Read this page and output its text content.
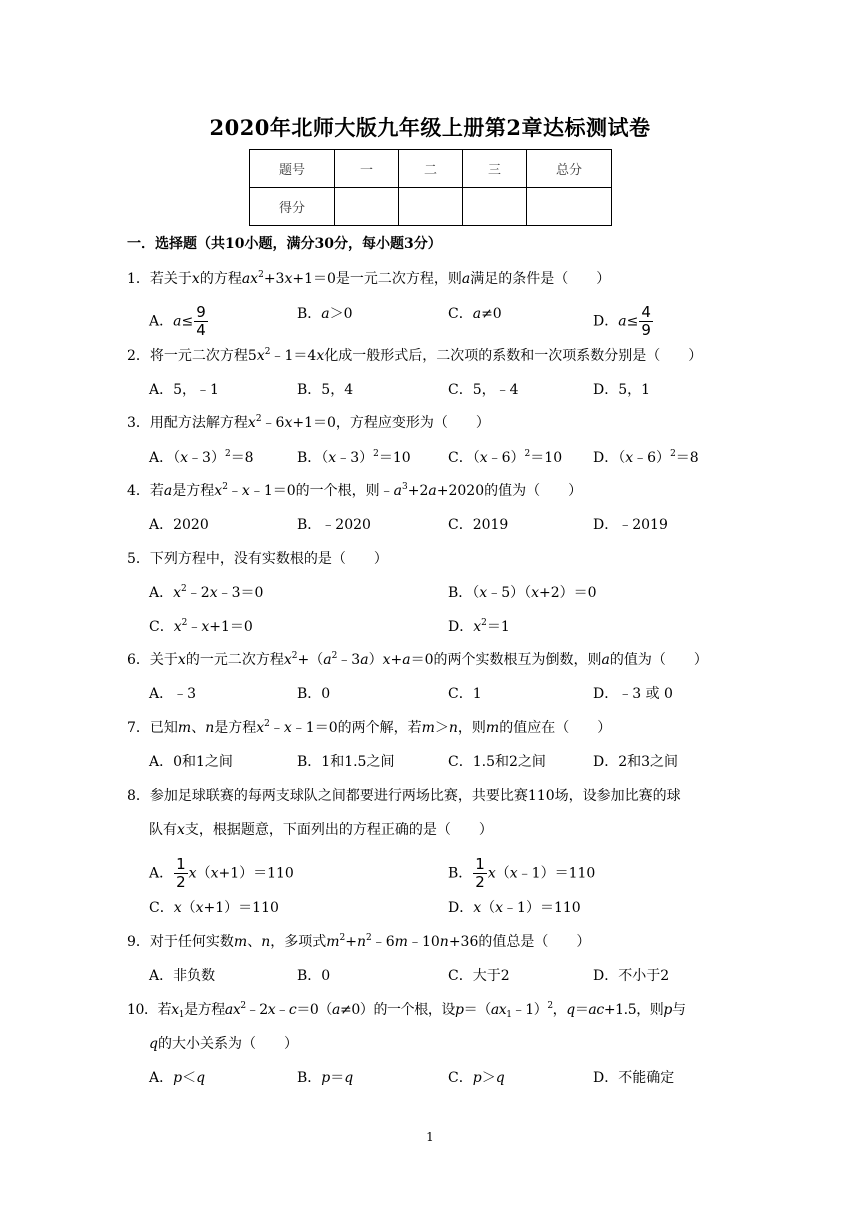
2020年北师大版九年级上册第2章达标测试卷
题号	一	二	三	总分
得分				
一．选择题（共10小题，满分30分，每小题3分）
1．若关于x的方程$ax^2+3x+1=0$是一元二次方程，则a满足的条件是（　　）
A．$a\le \frac{9}{4}$	B．a＞0	C．a≠0	D．$a\le \frac{4}{9}$
2．将一元二次方程$5x^2﹣1=4x$化成一般形式后，二次项的系数和一次项系数分别是（　　）
A．5，﹣1	B．5，4	C．5，﹣4	D．5，1
3．用配方法解方程$x^2﹣6x+1=0$，方程应变形为（　　）
A．（x﹣3）$^2$＝8	B．（x﹣3）$^2$＝10	C．（x﹣6）$^2$＝10 D．（x﹣6）$^2$＝8
4．若a是方程$x^2﹣x﹣1=0$的一个根，则$﹣a^3+2a+2020$的值为（　　）
A．2020	B．﹣2020	C．2019	D．﹣2019
5．下列方程中，没有实数根的是（　　）
A．$x^2﹣2x﹣3=0$	B．（x﹣5）（x+2）＝0
C．$x^2﹣x+1=0$	D．$x^2=1$
6．关于x的一元二次方程$x^2+(a^2﹣3a)x+a=0$的两个实数根互为倒数，则a的值为（　　）
A．﹣3	B．0	C．1	D．﹣3 或 0
7．已知m、n是方程$x^2﹣x﹣1=0$的两个解，若m＞n，则m的值应在（　　）
A．0和1之间	B．1和1.5之间	C．1.5和2之间	D．2和3之间
8．参加足球联赛的每两支球队之间都要进行两场比赛，共要比赛110场，设参加比赛的球
队有x支，根据题意，下面列出的方程正确的是（　　）
A． $\frac{1}{2} x(x+1)=110$	B． $\frac{1}{2}$ x（x﹣1）＝110
C．x（x+1）＝110	D．x（x﹣1）＝110
9．对于任何实数m、n，多项式$m^2+n^2﹣6m﹣10n+36$的值总是（　　）
A．非负数	B．0	C．大于2	D．不小于2
10．若$x_1$是方程$ax^2﹣2x﹣c=0(a\ne 0)$的一个根，设$p=(ax_1﹣1)^2$，q＝ac+1.5，则p与
q的大小关系为（　　）
A．p＜q	B．p＝q	C．p＞q	D．不能确定
1
